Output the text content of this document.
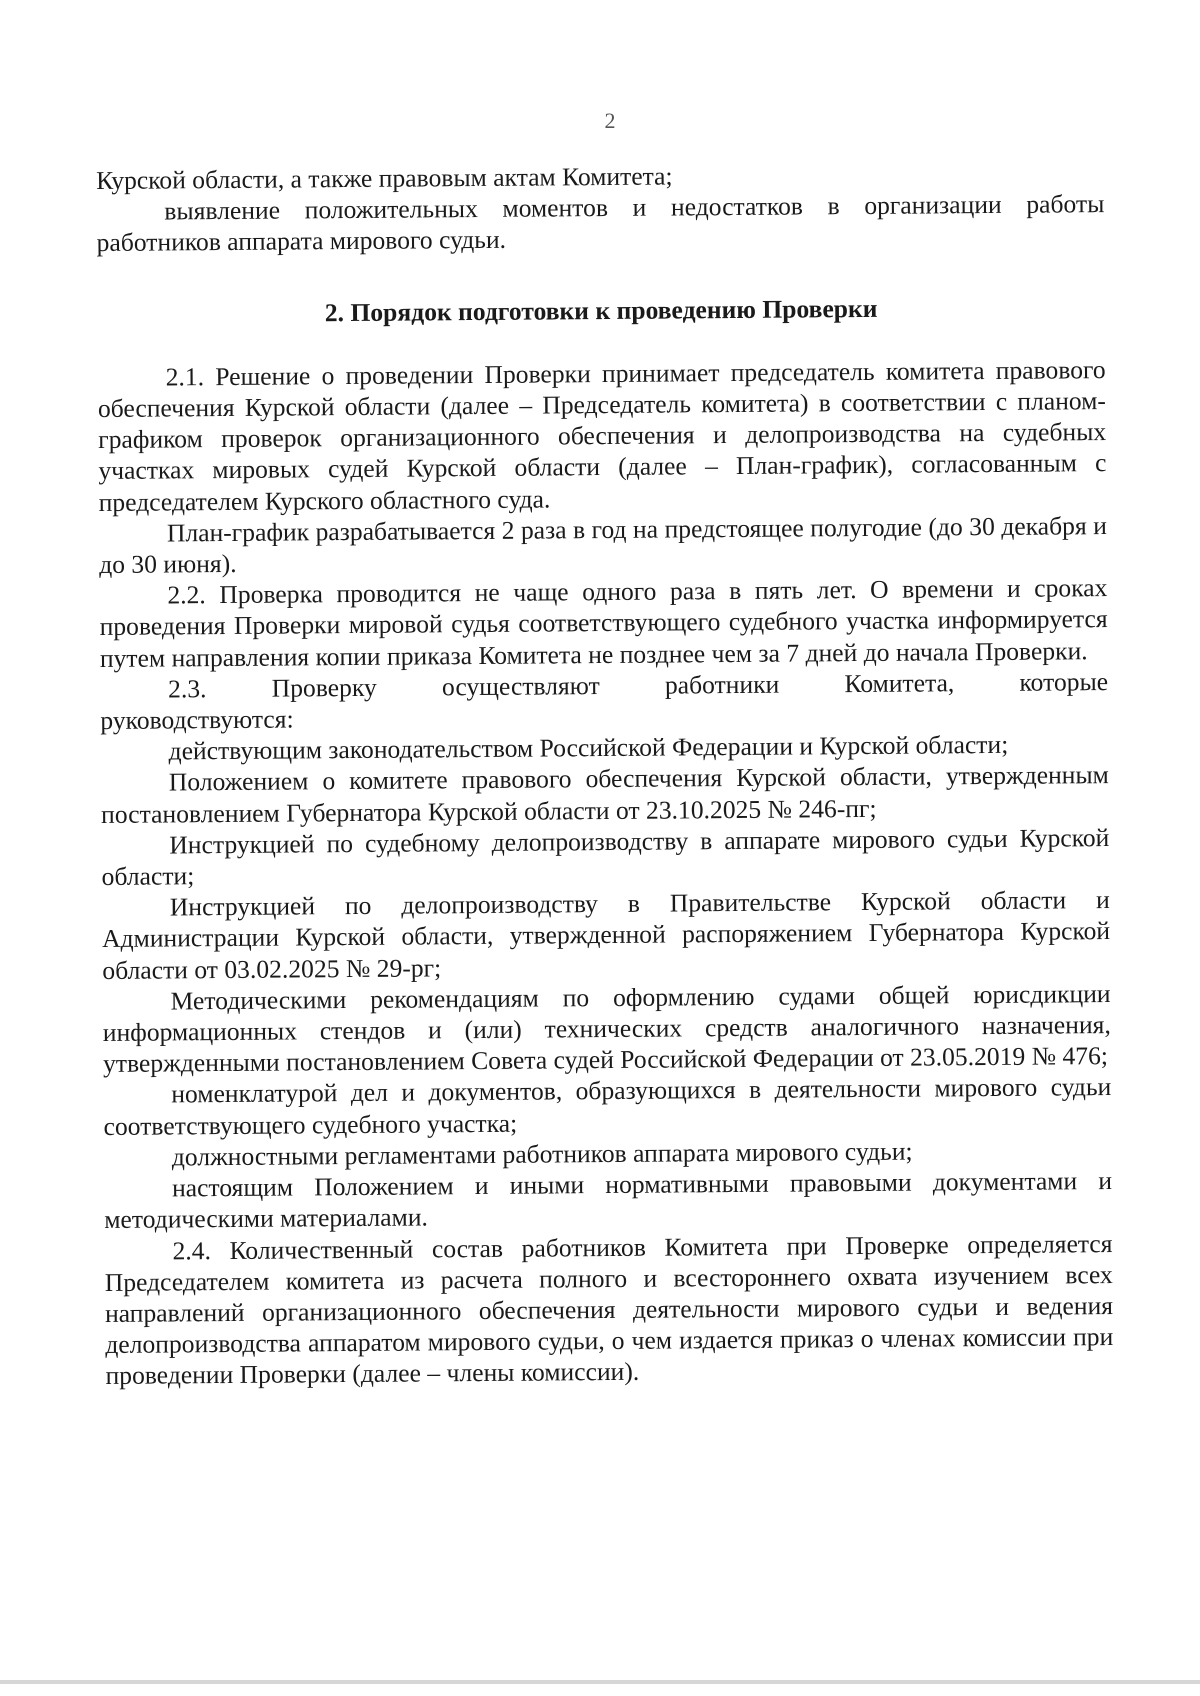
2

Курской области, а также правовым актам Комитета;

выявление положительных моментов и недостатков в организации работы работников аппарата мирового судьи.

2. Порядок подготовки к проведению Проверки

2.1. Решение о проведении Проверки принимает председатель комитета правового обеспечения Курской области (далее – Председатель комитета) в соответствии с планом-графиком проверок организационного обеспечения и делопроизводства на судебных участках мировых судей Курской области (далее – План-график), согласованным с председателем Курского областного суда.

План-график разрабатывается 2 раза в год на предстоящее полугодие (до 30 декабря и до 30 июня).

2.2. Проверка проводится не чаще одного раза в пять лет. О времени и сроках проведения Проверки мировой судья соответствующего судебного участка информируется путем направления копии приказа Комитета не позднее чем за 7 дней до начала Проверки.

2.3.	Проверку	осуществляют	работники	Комитета,	которые

руководствуются:

действующим законодательством Российской Федерации и Курской области;

Положением о комитете правового обеспечения Курской области, утвержденным постановлением Губернатора Курской области от 23.10.2025 № 246-пг;

Инструкцией по судебному делопроизводству в аппарате мирового судьи Курской области;

Инструкцией по делопроизводству в Правительстве Курской области и Администрации Курской области, утвержденной распоряжением Губернатора Курской области от 03.02.2025 № 29-рг;

Методическими рекомендациям по оформлению судами общей юрисдикции информационных стендов и (или) технических средств аналогичного назначения, утвержденными постановлением Совета судей Российской Федерации от 23.05.2019 № 476;

номенклатурой дел и документов, образующихся в деятельности мирового судьи соответствующего судебного участка;

должностными регламентами работников аппарата мирового судьи;

настоящим Положением и иными нормативными правовыми документами и методическими материалами.

2.4. Количественный состав работников Комитета при Проверке определяется Председателем комитета из расчета полного и всестороннего охвата изучением всех направлений организационного обеспечения деятельности мирового судьи и ведения делопроизводства аппаратом мирового судьи, о чем издается приказ о членах комиссии при проведении Проверки (далее – члены комиссии).
